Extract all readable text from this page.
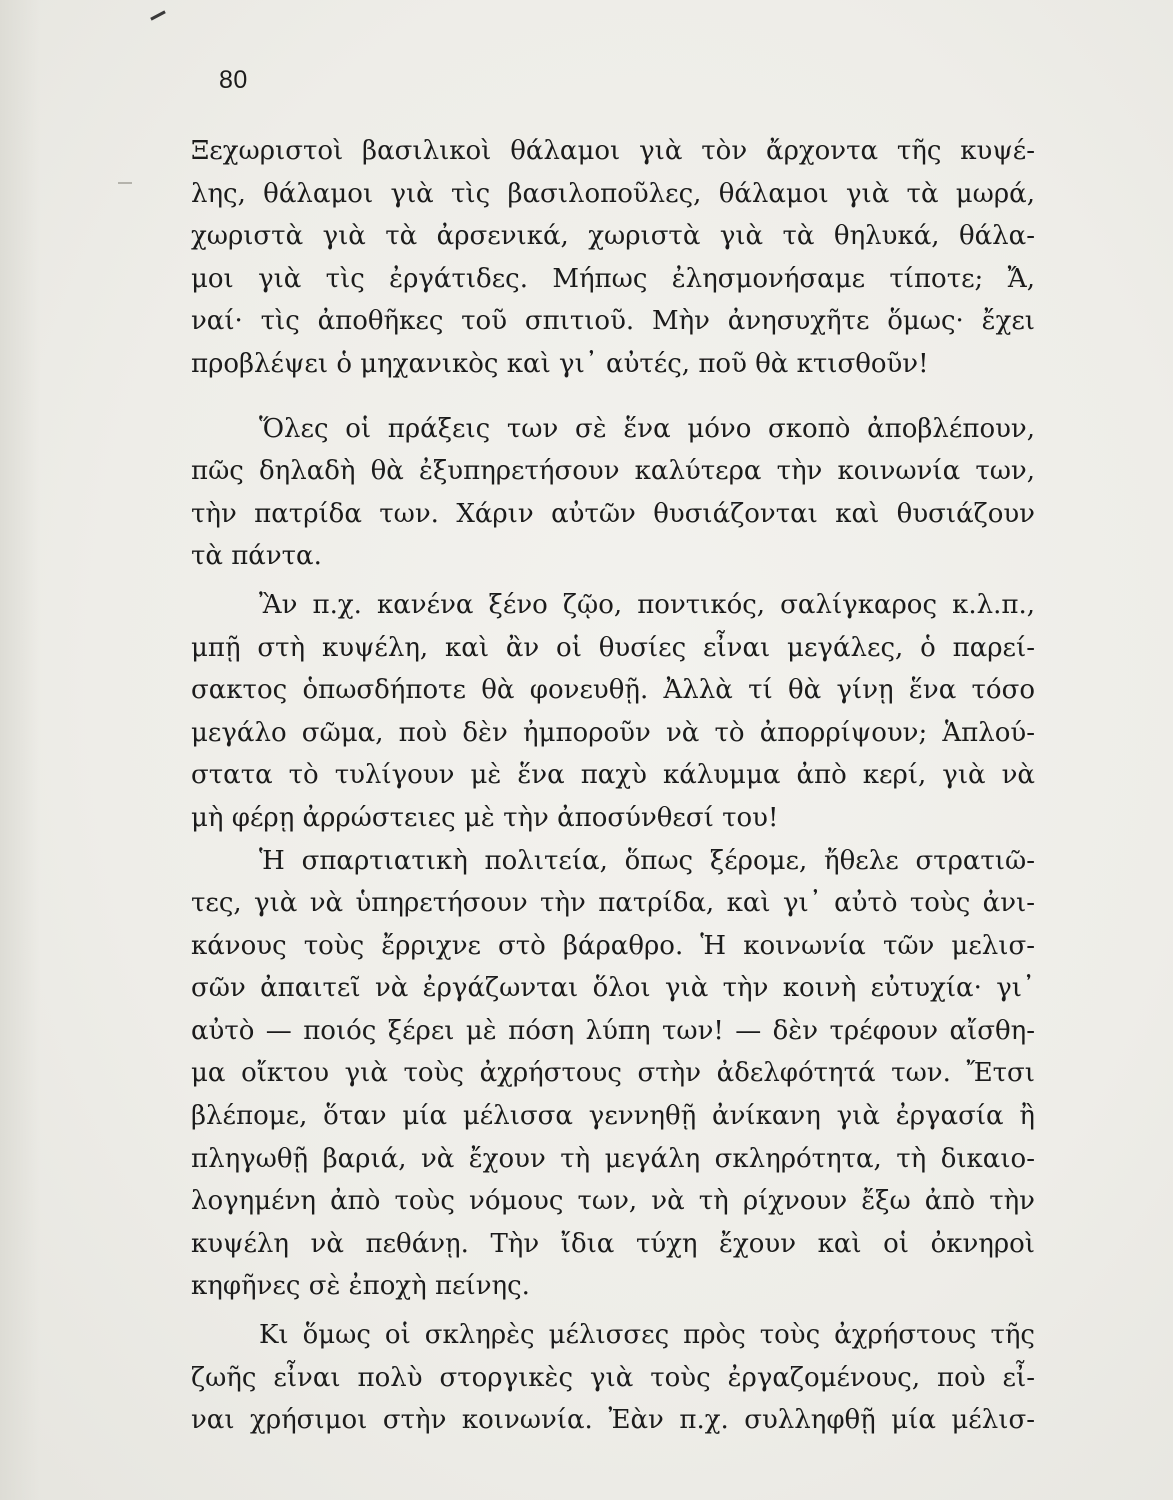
80
Ξεχωριστοὶ βασιλικοὶ θάλαμοι γιὰ τὸν ἄρχοντα τῆς κυψέ-
λης, θάλαμοι γιὰ τὶς βασιλοποῦλες, θάλαμοι γιὰ τὰ μωρά,
χωριστὰ γιὰ τὰ ἀρσενικά, χωριστὰ γιὰ τὰ θηλυκά, θάλα-
μοι γιὰ τὶς ἐργάτιδες. Μήπως ἐλησμονήσαμε τίποτε; Ἄ,
ναί· τὶς ἀποθῆκες τοῦ σπιτιοῦ. Μὴν ἀνησυχῆτε ὅμως· ἔχει
προβλέψει ὁ μηχανικὸς καὶ γι᾿ αὐτές, ποῦ θὰ κτισθοῦν!
Ὅλες οἱ πράξεις των σὲ ἕνα μόνο σκοπὸ ἀποβλέπουν,
πῶς δηλαδὴ θὰ ἐξυπηρετήσουν καλύτερα τὴν κοινωνία των,
τὴν πατρίδα των. Χάριν αὐτῶν θυσιάζονται καὶ θυσιάζουν
τὰ πάντα.
Ἂν π.χ. κανένα ξένο ζῷο, ποντικός, σαλίγκαρος κ.λ.π.,
μπῇ στὴ κυψέλη, καὶ ἂν οἱ θυσίες εἶναι μεγάλες, ὁ παρεί-
σακτος ὁπωσδήποτε θὰ φονευθῇ. Ἀλλὰ τί θὰ γίνῃ ἕνα τόσο
μεγάλο σῶμα, ποὺ δὲν ἠμποροῦν νὰ τὸ ἀπορρίψουν; Ἁπλού-
στατα τὸ τυλίγουν μὲ ἕνα παχὺ κάλυμμα ἀπὸ κερί, γιὰ νὰ
μὴ φέρῃ ἀρρώστειες μὲ τὴν ἀποσύνθεσί του!
Ἡ σπαρτιατικὴ πολιτεία, ὅπως ξέρομε, ἤθελε στρατιῶ-
τες, γιὰ νὰ ὑπηρετήσουν τὴν πατρίδα, καὶ γι᾿ αὐτὸ τοὺς ἀνι-
κάνους τοὺς ἔρριχνε στὸ βάραθρο. Ἡ κοινωνία τῶν μελισ-
σῶν ἀπαιτεῖ νὰ ἐργάζωνται ὅλοι γιὰ τὴν κοινὴ εὐτυχία· γι᾿
αὐτὸ — ποιός ξέρει μὲ πόση λύπη των! — δὲν τρέφουν αἴσθη-
μα οἴκτου γιὰ τοὺς ἀχρήστους στὴν ἀδελφότητά των. Ἔτσι
βλέπομε, ὅταν μία μέλισσα γεννηθῇ ἀνίκανη γιὰ ἐργασία ἢ
πληγωθῇ βαριά, νὰ ἔχουν τὴ μεγάλη σκληρότητα, τὴ δικαιο-
λογημένη ἀπὸ τοὺς νόμους των, νὰ τὴ ρίχνουν ἔξω ἀπὸ τὴν
κυψέλη νὰ πεθάνῃ. Τὴν ἴδια τύχη ἔχουν καὶ οἱ ὀκνηροὶ
κηφῆνες σὲ ἐποχὴ πείνης.
Κι ὅμως οἱ σκληρὲς μέλισσες πρὸς τοὺς ἀχρήστους τῆς
ζωῆς εἶναι πολὺ στοργικὲς γιὰ τοὺς ἐργαζομένους, ποὺ εἶ-
ναι χρήσιμοι στὴν κοινωνία. Ἐὰν π.χ. συλληφθῇ μία μέλισ-
